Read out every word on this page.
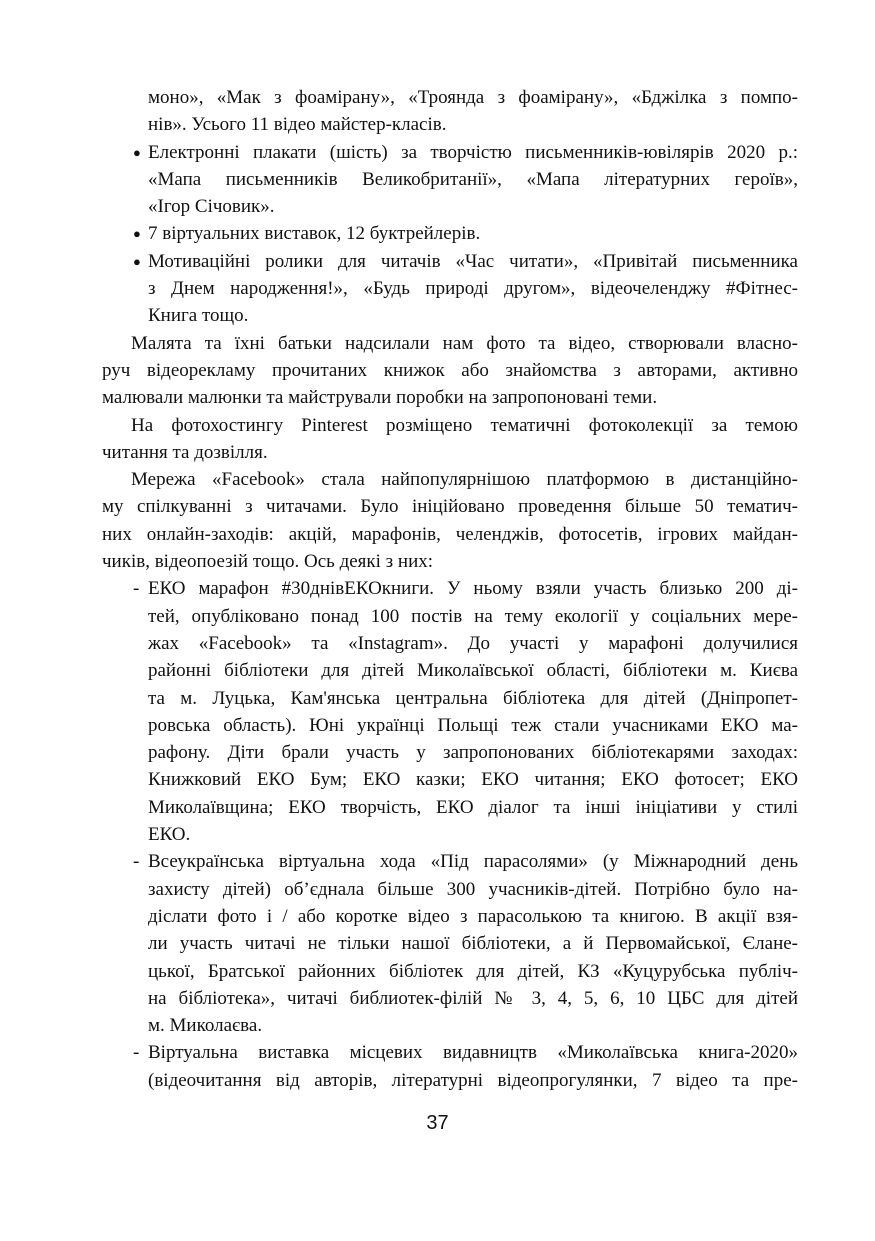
моно», «Мак з фоамірану», «Троянда з фоамірану», «Бджілка з помпо-
нів». Усього 11 відео майстер-класів.
● Електронні плакати (шість) за творчістю письменників-ювілярів 2020 р.:
«Мапа письменників Великобританії», «Мапа літературних героїв»,
«Ігор Січовик».
● 7 віртуальних виставок, 12 буктрейлерів.
● Мотиваційні ролики для читачів «Час читати», «Привітай письменника
з Днем народження!», «Будь природі другом», відеочеленджу #Фітнес-
Книга тощо.
Малята та їхні батьки надсилали нам фото та відео, створювали власно-
руч відеорекламу прочитаних книжок або знайомства з авторами, активно
малювали малюнки та майстрували поробки на запропоновані теми.
На фотохостингу Pinterest розміщено тематичні фотоколекції за темою
читання та дозвілля.
Мережа «Facebook» стала найпопулярнішою платформою в дистанційно-
му спілкуванні з читачами. Було ініційовано проведення більше 50 тематич-
них онлайн-заходів: акцій, марафонів, челенджів, фотосетів, ігрових майдан-
чиків, відеопоезій тощо. Ось деякі з них:
- ЕКО марафон #30днівЕКОкниги. У ньому взяли участь близько 200 ді-
тей, опубліковано понад 100 постів на тему екології у соціальних мере-
жах «Facebook» та «Instagram». До участі у марафоні долучилися
районні бібліотеки для дітей Миколаївської області, бібліотеки м. Києва
та м. Луцька, Кам'янська центральна бібліотека для дітей (Дніпропет-
ровська область). Юні українці Польщі теж стали учасниками ЕКО ма-
рафону. Діти брали участь у запропонованих бібліотекарями заходах:
Книжковий ЕКО Бум; ЕКО казки; ЕКО читання; ЕКО фотосет; ЕКО
Миколаївщина; ЕКО творчість, ЕКО діалог та інші ініціативи у стилі
ЕКО.
- Всеукраїнська віртуальна хода «Під парасолями» (у Міжнародний день
захисту дітей) об’єднала більше 300 учасників-дітей. Потрібно було на-
діслати фото і / або коротке відео з парасолькою та книгою. В акції взя-
ли участь читачі не тільки нашої бібліотеки, а й Первомайської, Єлане-
цької, Братської районних бібліотек для дітей, КЗ «Куцурубська публіч-
на бібліотека», читачі библиотек-філій № 3, 4, 5, 6, 10 ЦБС для дітей
м. Миколаєва.
- Віртуальна виставка місцевих видавництв «Миколаївська книга-2020»
(відеочитання від авторів, літературні відеопрогулянки, 7 відео та пре-
37
